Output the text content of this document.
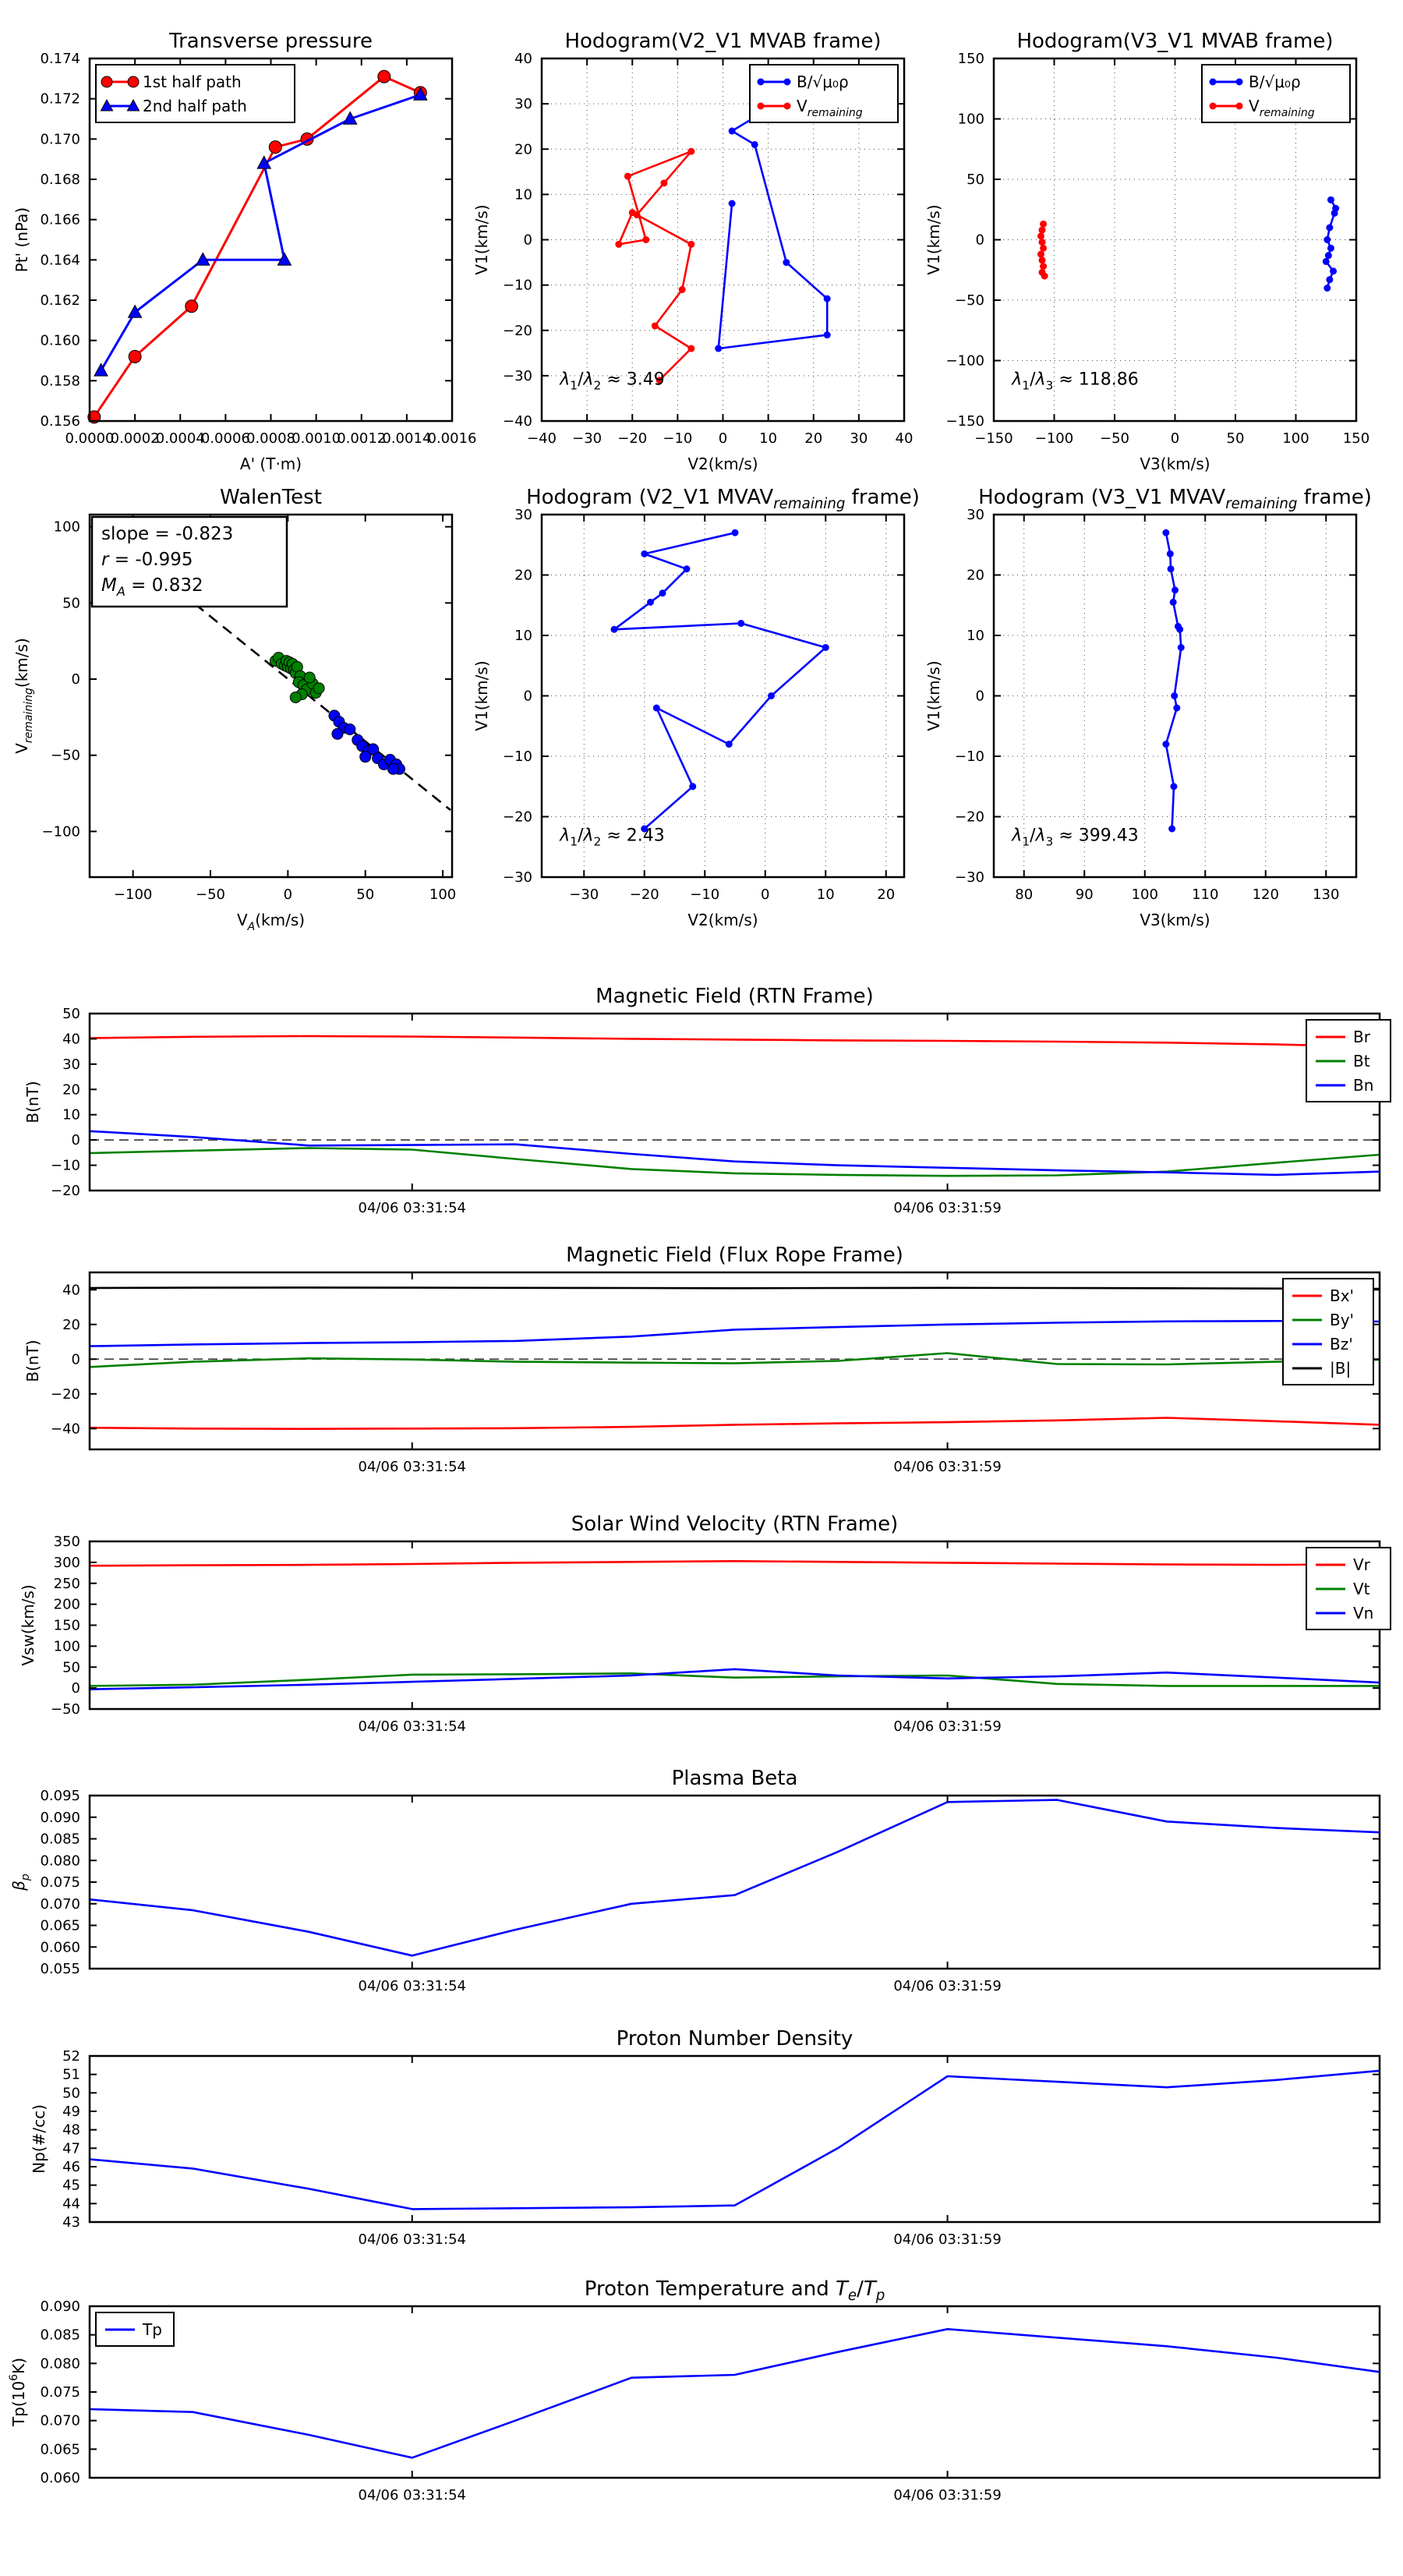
0.0000
0.0002
0.0004
0.0006
0.0008
0.0010
0.0012
0.0014
0.0016
0.156
0.158
0.160
0.162
0.164
0.166
0.168
0.170
0.172
0.174
Transverse pressure
A' (T·m)
Pt' (nPa)
1st half path
2nd half path
−40 −30 −20 −10 0 10 20 30 40
−40
−30
−20
−10
0
10
20
30
40
Hodogram(V2_V1 MVAB frame)
V2(km/s)
V1(km/s)
$\lambda_1/\lambda_2 \approx 3.49$
B/√μ₀ρ
$V_{remaining}$
−150 −100 −50	0	50	100 150
−150
−100
−50
0
50
100
150
Hodogram(V3_V1 MVAB frame)
V3(km/s)
V1(km/s)
$\lambda_1/\lambda_3 \approx 118.86$
B/√μ₀ρ
$V_{remaining}$
−100	−50	0	50	100
−100
−50
0
50
100
WalenTest
$V_A(km/s)$
$V_{remaining}(km/s)$
slope = -0.823
r = -0.995
$M_A = 0.832$
−30 −20 −10	0	10	20
−30
−20
−10
0
10
20
30
Hodogram (V2_V1 $MVAV_{remaining}$ frame)
V2(km/s)
V1(km/s)
$\lambda_1/\lambda_2 \approx 2.43$
80	90	100 110 120 130
−30
−20
−10
0
10
20
30
Hodogram (V3_V1 $MVAV_{remaining}$ frame)
V3(km/s)
V1(km/s)
$\lambda_1/\lambda_3 \approx 399.43$
04/06 03:31:54	04/06 03:31:59
−20
−10
0
10
20
30
40
50
Magnetic Field (RTN Frame)
B(nT)
Br
Bt
Bn
04/06 03:31:54	04/06 03:31:59
−40
−20
0
20
40
Magnetic Field (Flux Rope Frame)
B(nT)
Bx'
By'
Bz'
|B|
04/06 03:31:54	04/06 03:31:59
−50
0
50
100
150
200
250
300
350
Solar Wind Velocity (RTN Frame)
Vsw(km/s)
Vr
Vt
Vn
04/06 03:31:54	04/06 03:31:59
0.055
0.060
0.065
0.070
0.075
0.080
0.085
0.090
0.095
Plasma Beta
$\beta_p$
04/06 03:31:54	04/06 03:31:59
43
44
45
46
47
48
49
50
51
52
Proton Number Density
Np(#/cc)
04/06 03:31:54	04/06 03:31:59
0.060
0.065
0.070
0.075
0.080
0.085
0.090
Proton Temperature and $T_e/T_p$
$Tp(10^6K)$
Tp
